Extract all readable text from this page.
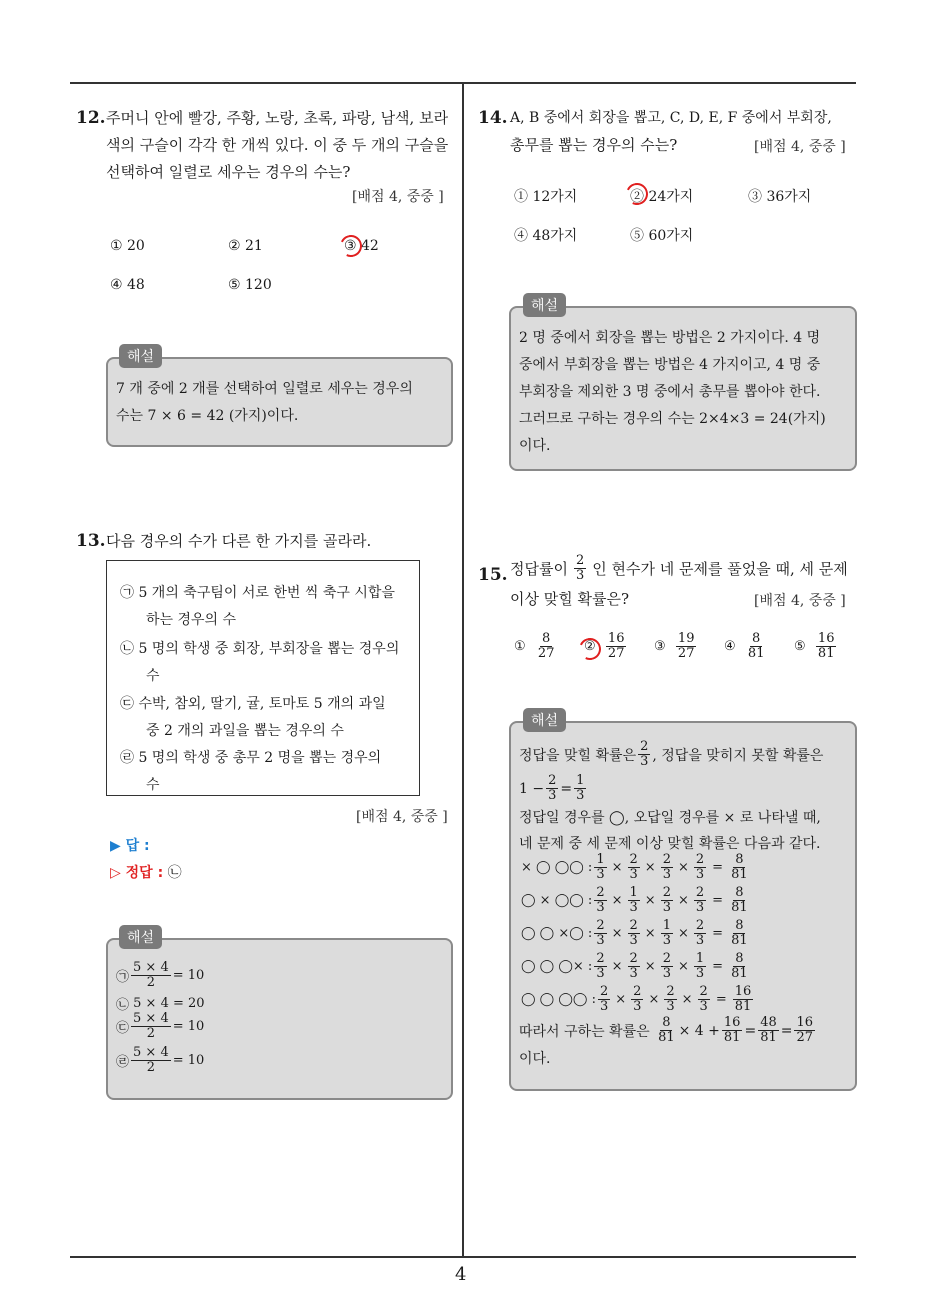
4
12. 주머니 안에 빨강, 주황, 노랑, 초록, 파랑, 남색, 보라
색의 구슬이 각각 한 개씩 있다. 이 중 두 개의 구슬을
선택하여 일렬로 세우는 경우의 수는?
[배점 4, 중중 ]
① 20	② 21	③ 42
④ 48	⑤ 120
해설
7 개 중에 2 개를 선택하여 일렬로 세우는 경우의
수는 7 × 6 = 42 (가지)이다.
13. 다음 경우의 수가 다른 한 가지를 골라라.
㉠ 5 개의 축구팀이 서로 한번 씩 축구 시합을
하는 경우의 수
㉡ 5 명의 학생 중 회장, 부회장을 뽑는 경우의
수
㉢ 수박, 참외, 딸기, 귤, 토마토 5 개의 과일
중 2 개의 과일을 뽑는 경우의 수
㉣ 5 명의 학생 중 총무 2 명을 뽑는 경우의
수
[배점 4, 중중 ]
▶ 답 :
▷ 정답 : ㉡
해설
㉠ $\frac{5 \times 4}{2} = 10$
㉡
5 × 4 = 20
㉢ $\frac{5 \times 4}{2} = 10$
㉣ $\frac{5 \times 4}{2} = 10$
14. A, B 중에서 회장을 뽑고, C, D, E, F 중에서 부회장,
총무를 뽑는 경우의 수는?	[배점 4, 중중 ]
① 12가지	② 24가지	③ 36가지
④ 48가지	⑤ 60가지
해설
2 명 중에서 회장을 뽑는 방법은 2 가지이다. 4 명
중에서 부회장을 뽑는 방법은 4 가지이고, 4 명 중
부회장을 제외한 3 명 중에서 총무를 뽑아야 한다.
그러므로 구하는 경우의 수는 2×4×3 = 24(가지)
이다.
15. 정답률이 $\frac{2}{3}$ 인 현수가 네 문제를 풀었을 때, 세 문제
이상 맞힐 확률은?	[배점 4, 중중 ]
①
$\frac{8}{27}$ ②
$\frac{16}{27}$ ③
$\frac{19}{27}$ ④
$\frac{8}{81}$ ⑤
$\frac{16}{81}$
해설
정답을 맞힐 확률은 $\frac{2}{3}$ , 정답을 맞히지 못할 확률은
$1 - \frac{2}{3} = \frac{1}{3}$
정답일 경우를 ◯, 오답일 경우를 × 로 나타낼 때,
네 문제 중 세 문제 이상 맞힐 확률은 다음과 같다.
× ◯ ◯◯ : $\frac{1}{3} \times \frac{2}{3} \times \frac{2}{3} \times \frac{2}{3} = \frac{8}{81}$
◯ × ◯◯ : $\frac{2}{3} \times \frac{1}{3} \times \frac{2}{3} \times \frac{2}{3} = \frac{8}{81}$
◯ ◯ ×◯ : $\frac{2}{3} \times \frac{2}{3} \times \frac{1}{3} \times \frac{2}{3} = \frac{8}{81}$
◯ ◯ ◯× : $\frac{2}{3} \times \frac{2}{3} \times \frac{2}{3} \times \frac{1}{3} = \frac{8}{81}$
◯ ◯ ◯◯ : $\frac{2}{3} \times \frac{2}{3} \times \frac{2}{3} \times \frac{2}{3} = \frac{16}{81}$
따라서 구하는 확률은
$\frac{8}{81} \times 4 + \frac{16}{81} = \frac{48}{81} = \frac{16}{27}$
이다.
